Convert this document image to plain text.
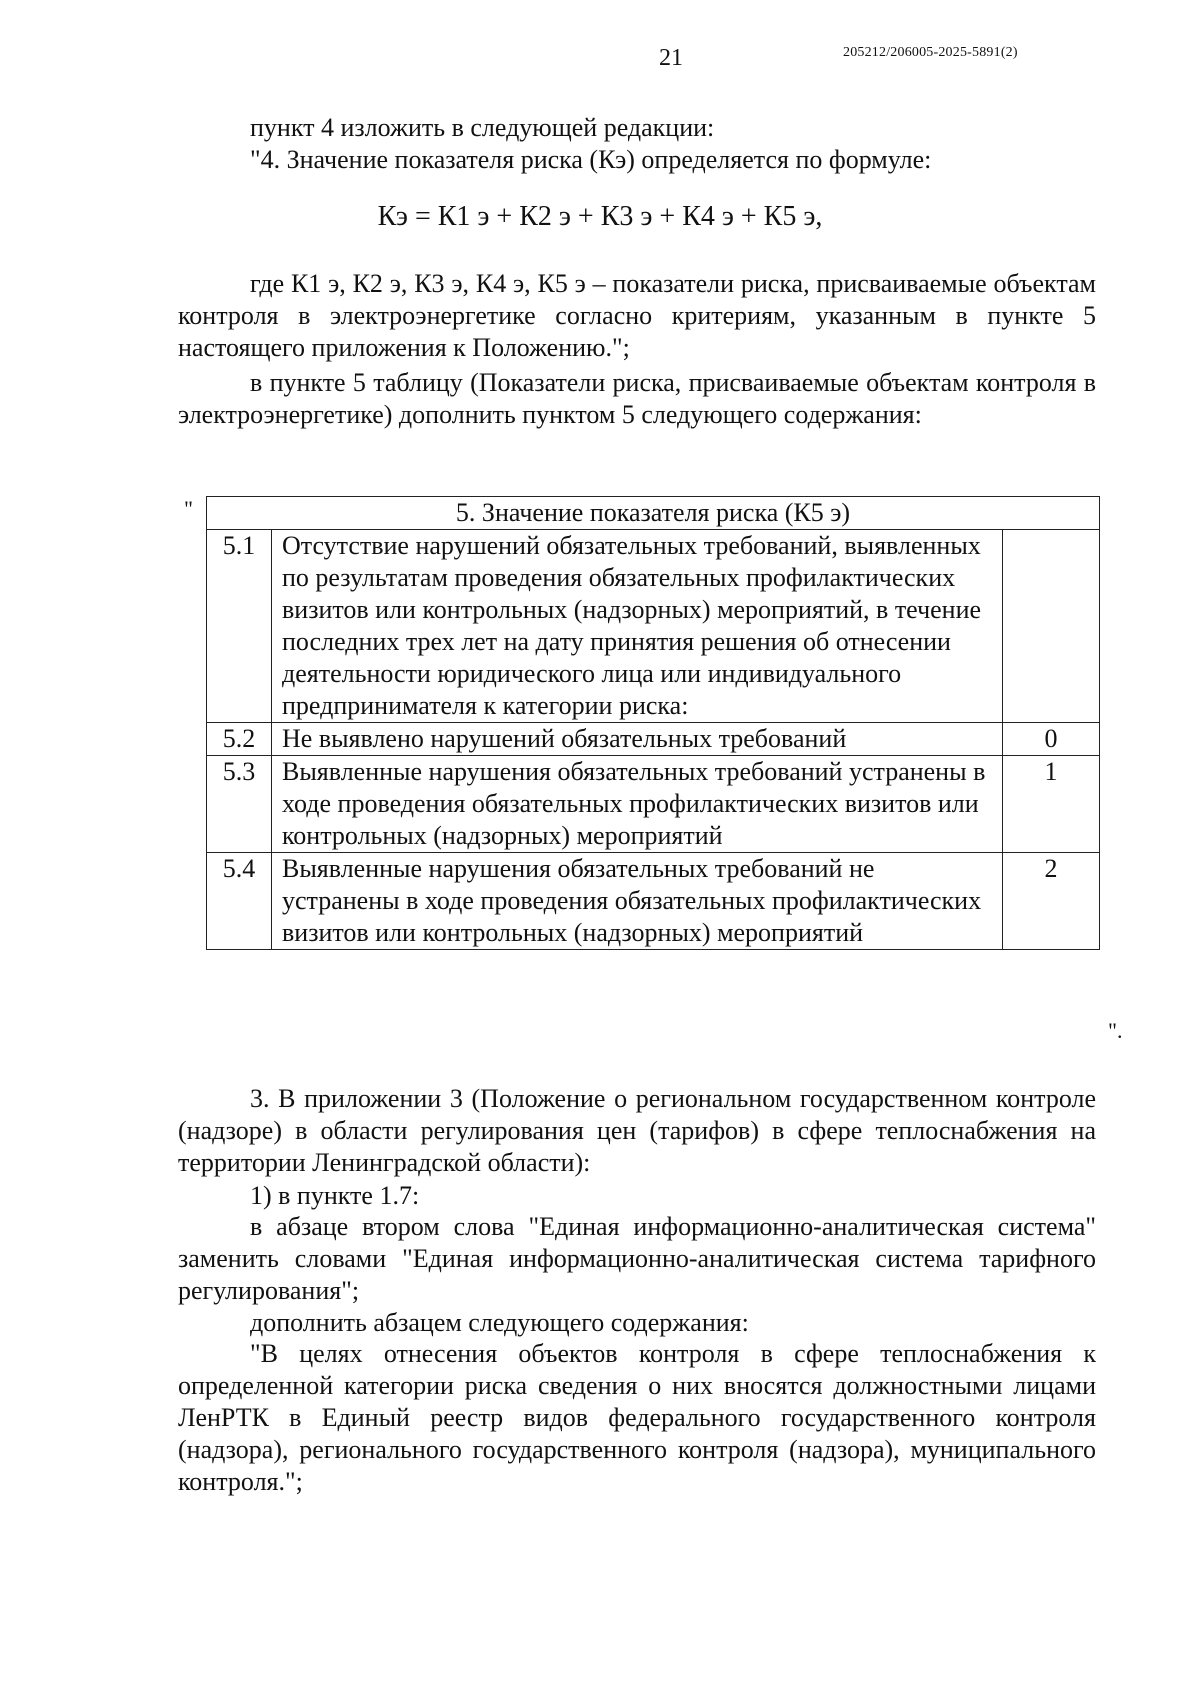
21	205212/206005-2025-5891(2)

пункт 4 изложить в следующей редакции:

"4. Значение показателя риска (Кэ) определяется по формуле:

Кэ = К1 э + К2 э + К3 э + К4 э + К5 э,

где К1 э, К2 э, К3 э, К4 э, К5 э – показатели риска, присваиваемые объектам контроля в электроэнергетике согласно критериям, указанным в пункте 5 настоящего приложения к Положению.";

в пункте 5 таблицу (Показатели риска, присваиваемые объектам контроля в электроэнергетике) дополнить пунктом 5 следующего содержания:

"	5. Значение показателя риска (К5 э)		
5.1	Отсутствие нарушений обязательных требований, выявленных по результатам проведения обязательных профилактических визитов или контрольных (надзорных) мероприятий, в течение последних трех лет на дату принятия решения об отнесении деятельности юридического лица или индивидуального предпринимателя к категории риска:	
5.2	Не выявлено нарушений обязательных требований	0
5.3	Выявленные нарушения обязательных требований устранены в ходе проведения обязательных профилактических визитов или контрольных (надзорных) мероприятий	1
5.4	Выявленные нарушения обязательных требований не устранены в ходе проведения обязательных профилактических визитов или контрольных (надзорных) мероприятий	2
".

3. В приложении 3 (Положение о региональном государственном контроле (надзоре) в области регулирования цен (тарифов) в сфере теплоснабжения на территории Ленинградской области):

1) в пункте 1.7:

в абзаце втором слова "Единая информационно-аналитическая система" заменить словами "Единая информационно-аналитическая система тарифного регулирования";

дополнить абзацем следующего содержания:

"В целях отнесения объектов контроля в сфере теплоснабжения к определенной категории риска сведения о них вносятся должностными лицами ЛенРТК в Единый реестр видов федерального государственного контроля (надзора), регионального государственного контроля (надзора), муниципального контроля.";
